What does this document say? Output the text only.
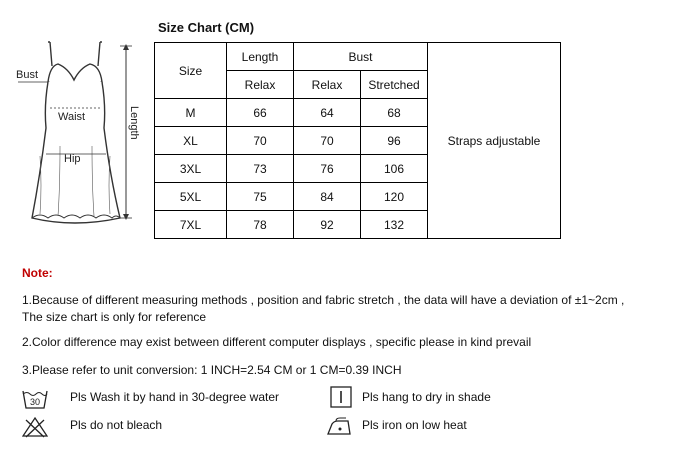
Bust
Waist
Hip
Length
Size Chart (CM)
Size	Length	Bust		Straps adjustable
	Relax	Relax	Stretched	
M	66	64	68	
XL	70	70	96	
3XL	73	76	106	
5XL	75	84	120	
7XL	78	92	132	
Note:
1.Because of different measuring methods , position and fabric stretch , the data will have a deviation of ±1~2cm ,
The size chart is only for reference
2.Color difference may exist between different computer displays , specific please in kind prevail
3.Please refer to unit conversion: 1 INCH=2.54 CM or 1 CM=0.39 INCH
30 Pls Wash it by hand in 30-degree water
Pls do not bleach
Pls hang to dry in shade
Pls iron on low heat
